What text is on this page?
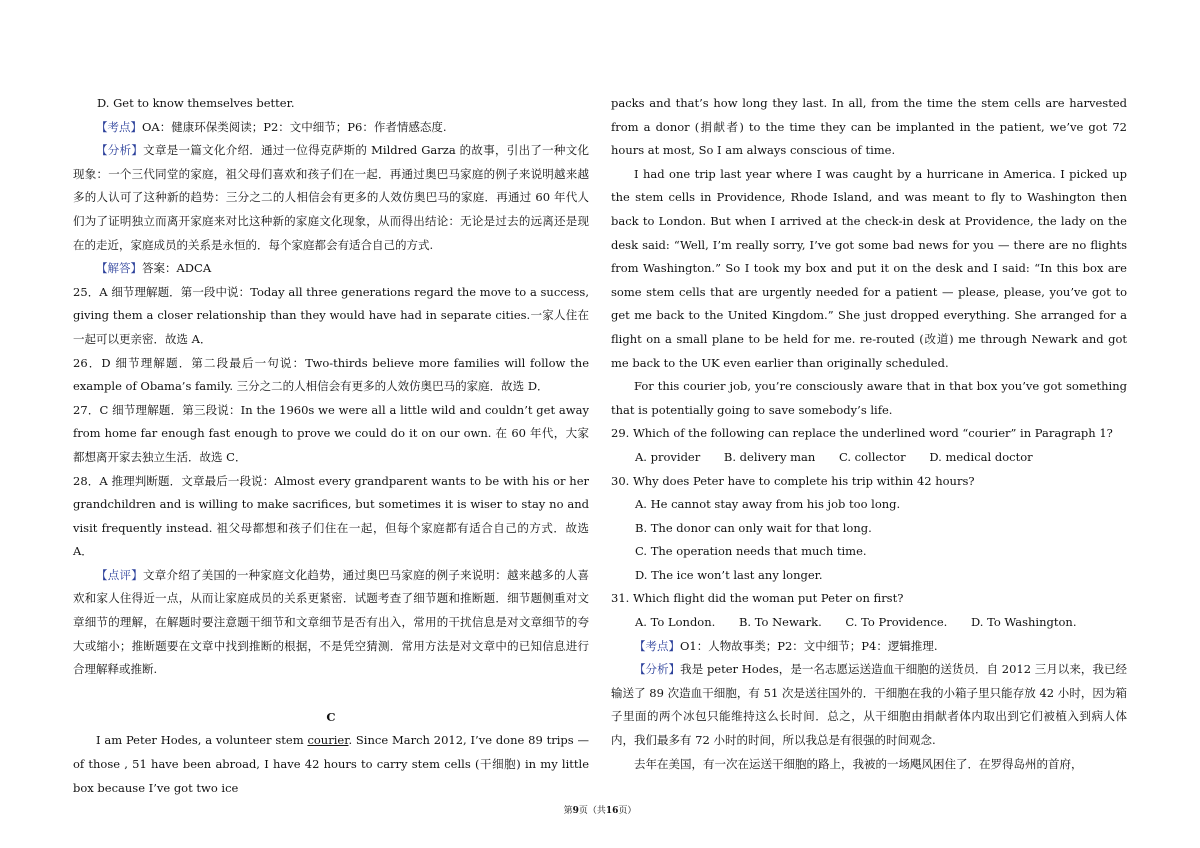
D. Get to know themselves better.

【考点】OA：健康环保类阅读；P2：文中细节；P6：作者情感态度.

【分析】文章是一篇文化介绍．通过一位得克萨斯的 Mildred Garza 的故事，引出了一种文化现象：一个三代同堂的家庭，祖父母们喜欢和孩子们在一起．再通过奥巴马家庭的例子来说明越来越多的人认可了这种新的趋势：三分之二的人相信会有更多的人效仿奥巴马的家庭．再通过 60 年代人们为了证明独立而离开家庭来对比这种新的家庭文化现象，从而得出结论：无论是过去的远离还是现在的走近，家庭成员的关系是永恒的．每个家庭都会有适合自己的方式.

【解答】答案：ADCA

25．A 细节理解题．第一段中说：Today all three generations regard the move to a success, giving them a closer relationship than they would have had in separate cities.一家人住在一起可以更亲密．故选 A．

26．D 细节理解题．第二段最后一句说：Two-thirds believe more families will follow the example of Obama’s family. 三分之二的人相信会有更多的人效仿奥巴马的家庭．故选 D．

27．C 细节理解题．第三段说：In the 1960s we were all a little wild and couldn’t get away from home far enough fast enough to prove we could do it on our own. 在 60 年代，大家都想离开家去独立生活．故选 C．

28．A 推理判断题．文章最后一段说：Almost every grandparent wants to be with his or her grandchildren and is willing to make sacrifices, but sometimes it is wiser to stay no and visit frequently instead. 祖父母都想和孩子们住在一起，但每个家庭都有适合自己的方式．故选 A．

【点评】文章介绍了美国的一种家庭文化趋势，通过奥巴马家庭的例子来说明：越来越多的人喜欢和家人住得近一点，从而让家庭成员的关系更紧密．试题考查了细节题和推断题．细节题侧重对文章细节的理解，在解题时要注意题干细节和文章细节是否有出入，常用的干扰信息是对文章细节的夸大或缩小；推断题要在文章中找到推断的根据，不是凭空猜测．常用方法是对文章中的已知信息进行合理解释或推断.

C

I am Peter Hodes, a volunteer stem courier. Since March 2012, I’ve done 89 trips — of those , 51 have been abroad, I have 42 hours to carry stem cells (干细胞) in my little box because I’ve got two ice

packs and that’s how long they last. In all, from the time the stem cells are harvested from a donor (捐献者) to the time they can be implanted in the patient, we’ve got 72 hours at most, So I am always conscious of time.

I had one trip last year where I was caught by a hurricane in America. I picked up the stem cells in Providence, Rhode Island, and was meant to fly to Washington then back to London. But when I arrived at the check-in desk at Providence, the lady on the desk said: “Well, I’m really sorry, I’ve got some bad news for you — there are no flights from Washington.” So I took my box and put it on the desk and I said: “In this box are some stem cells that are urgently needed for a patient — please, please, you’ve got to get me back to the United Kingdom.” She just dropped everything. She arranged for a flight on a small plane to be held for me. re-routed (改道) me through Newark and got me back to the UK even earlier than originally scheduled.

For this courier job, you’re consciously aware that in that box you’ve got something that is potentially going to save somebody’s life.

29. Which of the following can replace the underlined word “courier” in Paragraph 1?

A. provider B. delivery man C. collector D. medical doctor

30. Why does Peter have to complete his trip within 42 hours?

A. He cannot stay away from his job too long.

B. The donor can only wait for that long.

C. The operation needs that much time.

D. The ice won’t last any longer.

31. Which flight did the woman put Peter on first?

A. To London. B. To Newark. C. To Providence. D. To Washington.

【考点】O1：人物故事类；P2：文中细节；P4：逻辑推理.

【分析】我是 peter Hodes，是一名志愿运送造血干细胞的送货员．自 2012 三月以来，我已经输送了 89 次造血干细胞，有 51 次是送往国外的．干细胞在我的小箱子里只能存放 42 小时，因为箱子里面的两个冰包只能维持这么长时间．总之，从干细胞由捐献者体内取出到它们被植入到病人体内，我们最多有 72 小时的时间，所以我总是有很强的时间观念.

去年在美国，有一次在运送干细胞的路上，我被的一场飓风困住了．在罗得岛州的首府，

第9页（共16页）
